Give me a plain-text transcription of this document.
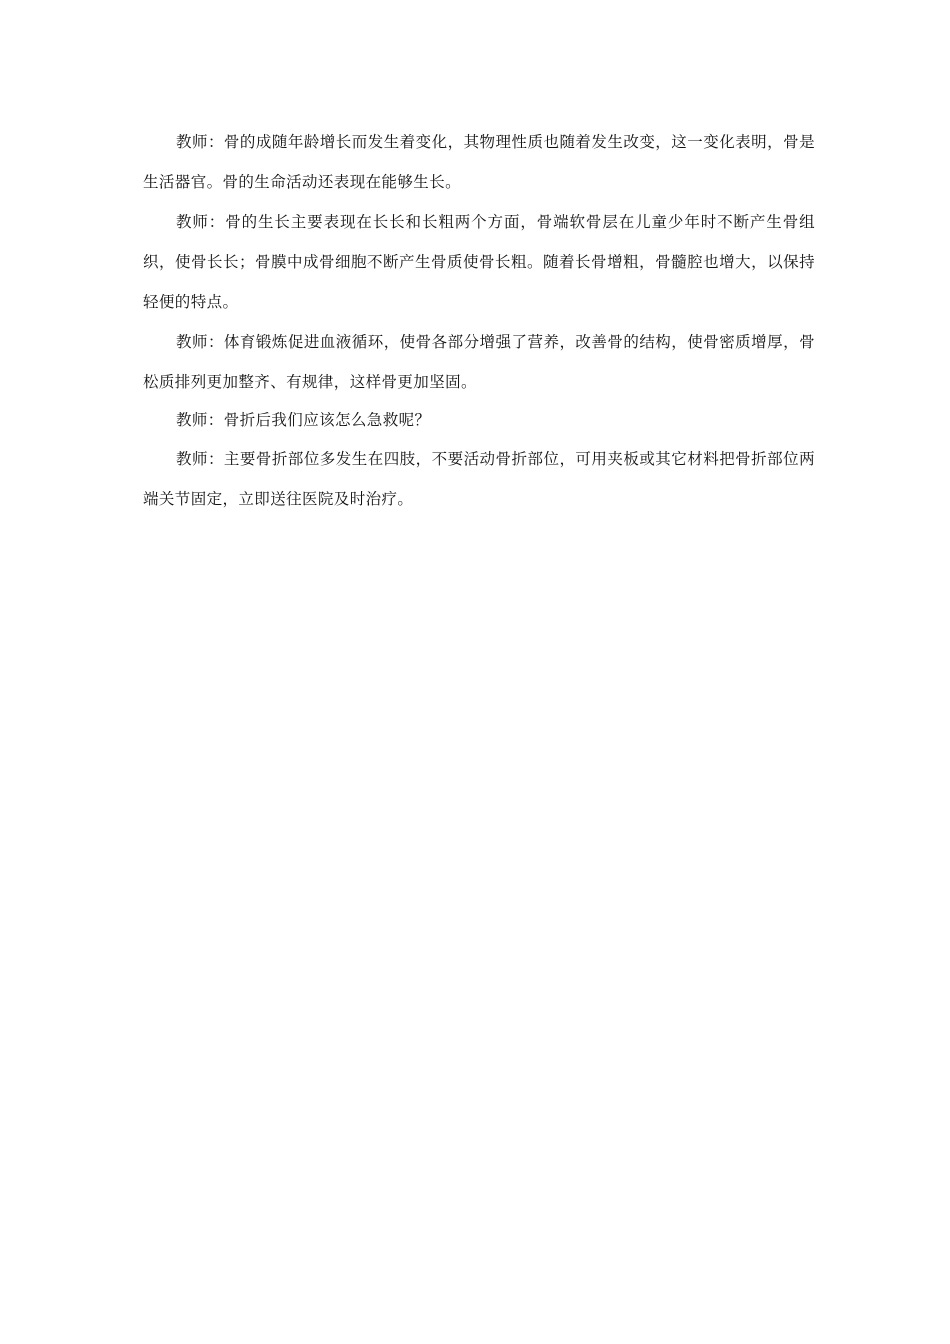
教师：骨的成随年龄增长而发生着变化，其物理性质也随着发生改变，这一变化表明，骨是生活器官。骨的生命活动还表现在能够生长。

教师：骨的生长主要表现在长长和长粗两个方面，骨端软骨层在儿童少年时不断产生骨组织，使骨长长；骨膜中成骨细胞不断产生骨质使骨长粗。随着长骨增粗，骨髓腔也增大，以保持轻便的特点。

教师：体育锻炼促进血液循环，使骨各部分增强了营养，改善骨的结构，使骨密质增厚，骨松质排列更加整齐、有规律，这样骨更加坚固。

教师：骨折后我们应该怎么急救呢？

教师：主要骨折部位多发生在四肢，不要活动骨折部位，可用夹板或其它材料把骨折部位两端关节固定，立即送往医院及时治疗。
